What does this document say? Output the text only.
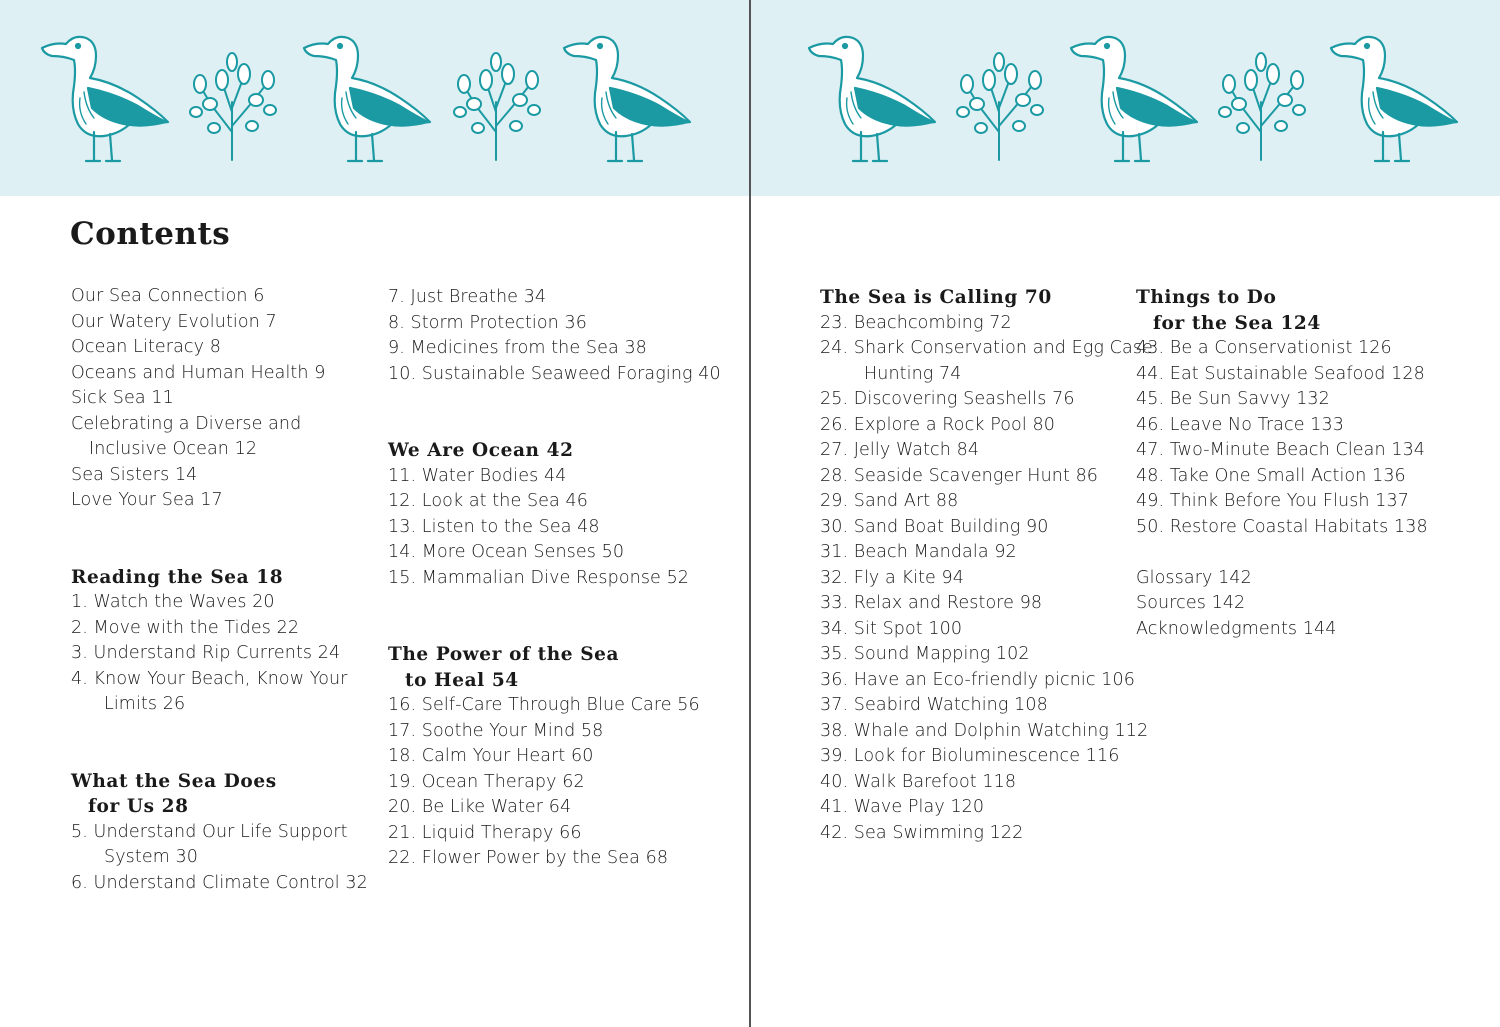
Contents
Our Sea Connection 6
Our Watery Evolution 7
Ocean Literacy 8
Oceans and Human Health 9
Sick Sea 11
Celebrating a Diverse and Inclusive Ocean 12
Sea Sisters 14
Love Your Sea 17
Reading the Sea 18
1. Watch the Waves 20
2. Move with the Tides 22
3. Understand Rip Currents 24
4. Know Your Beach, Know Your Limits 26
What the Sea Does
for Us 28
5. Understand Our Life Support System 30
6. Understand Climate Control 32
7. Just Breathe 34
8. Storm Protection 36
9. Medicines from the Sea 38
10. Sustainable Seaweed Foraging 40
We Are Ocean 42
11. Water Bodies 44
12. Look at the Sea 46
13. Listen to the Sea 48
14. More Ocean Senses 50
15. Mammalian Dive Response 52
The Power of the Sea
to Heal 54
16. Self-Care Through Blue Care 56
17. Soothe Your Mind 58
18. Calm Your Heart 60
19. Ocean Therapy 62
20. Be Like Water 64
21. Liquid Therapy 66
22. Flower Power by the Sea 68
The Sea is Calling 70
23. Beachcombing 72
24. Shark Conservation and Egg Case Hunting 74
25. Discovering Seashells 76
26. Explore a Rock Pool 80
27. Jelly Watch 84
28. Seaside Scavenger Hunt 86
29. Sand Art 88
30. Sand Boat Building 90
31. Beach Mandala 92
32. Fly a Kite 94
33. Relax and Restore 98
34. Sit Spot 100
35. Sound Mapping 102
36. Have an Eco-friendly picnic 106
37. Seabird Watching 108
38. Whale and Dolphin Watching 112
39. Look for Bioluminescence 116
40. Walk Barefoot 118
41. Wave Play 120
42. Sea Swimming 122
Things to Do
for the Sea 124
43. Be a Conservationist 126
44. Eat Sustainable Seafood 128
45. Be Sun Savvy 132
46. Leave No Trace 133
47. Two-Minute Beach Clean 134
48. Take One Small Action 136
49. Think Before You Flush 137
50. Restore Coastal Habitats 138
Glossary 142
Sources 142
Acknowledgments 144
